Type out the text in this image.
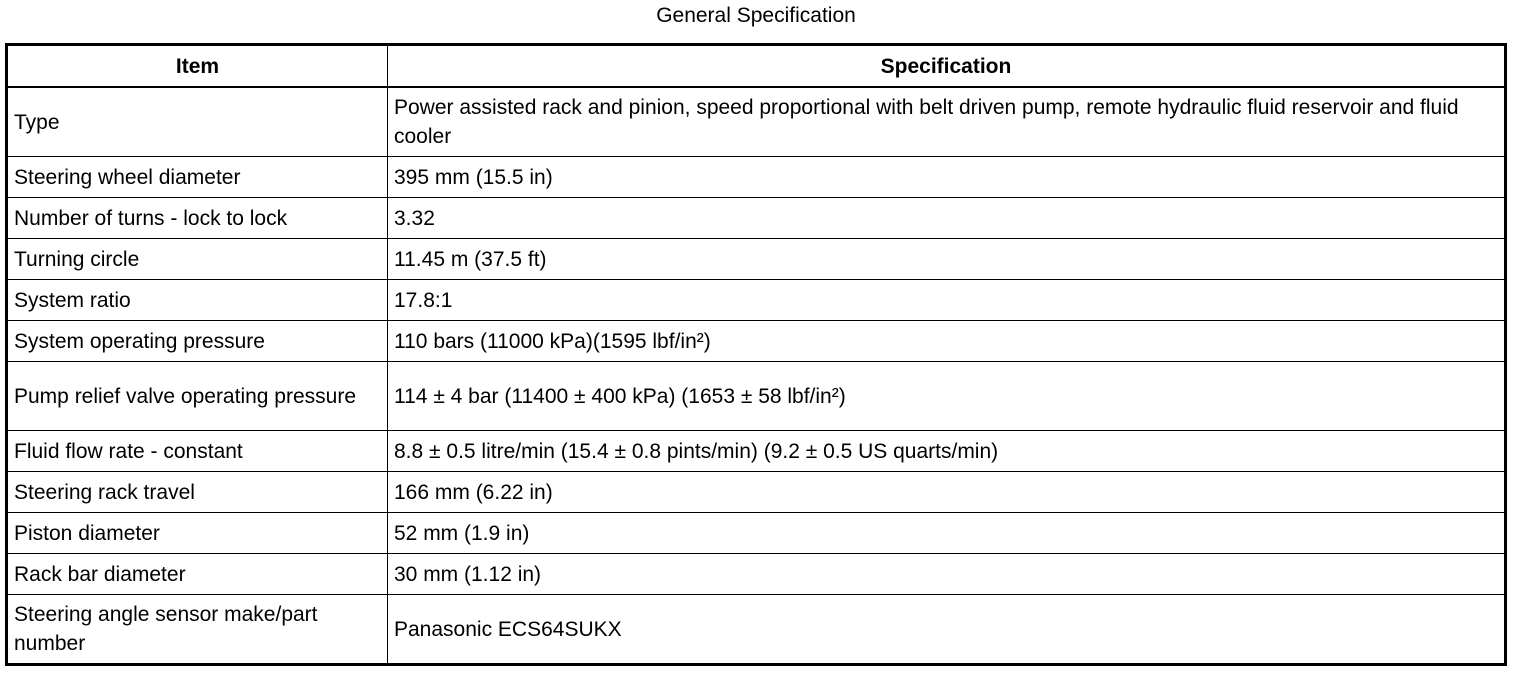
General Specification
Item	Specification
Type	Power assisted rack and pinion, speed proportional with belt driven pump, remote hydraulic fluid reservoir and fluid cooler
Steering wheel diameter	395 mm (15.5 in)
Number of turns - lock to lock	3.32
Turning circle	11.45 m (37.5 ft)
System ratio	17.8:1
System operating pressure	110 bars (11000 kPa)(1595 lbf/in²)
Pump relief valve operating pressure	114 ± 4 bar (11400 ± 400 kPa) (1653 ± 58 lbf/in²)
Fluid flow rate - constant	8.8 ± 0.5 litre/min (15.4 ± 0.8 pints/min) (9.2 ± 0.5 US quarts/min)
Steering rack travel	166 mm (6.22 in)
Piston diameter	52 mm (1.9 in)
Rack bar diameter	30 mm (1.12 in)
Steering angle sensor make/part number	Panasonic ECS64SUKX
